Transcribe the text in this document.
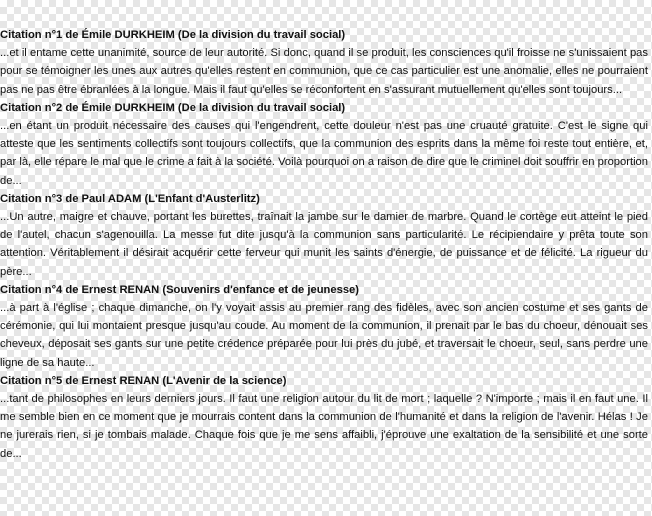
Citation n°1 de Émile DURKHEIM (De la division du travail social)
...et il entame cette unanimité, source de leur autorité. Si donc, quand il se produit, les consciences qu'il froisse ne s'unissaient pas pour se témoigner les unes aux autres qu'elles restent en communion, que ce cas particulier est une anomalie, elles ne pourraient pas ne pas être ébranlées à la longue. Mais il faut qu'elles se réconfortent en s'assurant mutuellement qu'elles sont toujours...
Citation n°2 de Émile DURKHEIM (De la division du travail social)
...en étant un produit nécessaire des causes qui l'engendrent, cette douleur n'est pas une cruauté gratuite. C'est le signe qui atteste que les sentiments collectifs sont toujours collectifs, que la communion des esprits dans la même foi reste tout entière, et, par là, elle répare le mal que le crime a fait à la société. Voilà pourquoi on a raison de dire que le criminel doit souffrir en proportion de...
Citation n°3 de Paul ADAM (L'Enfant d'Austerlitz)
...Un autre, maigre et chauve, portant les burettes, traînait la jambe sur le damier de marbre. Quand le cortège eut atteint le pied de l'autel, chacun s'agenouilla. La messe fut dite jusqu'à la communion sans particularité. Le récipiendaire y prêta toute son attention. Véritablement il désirait acquérir cette ferveur qui munit les saints d'énergie, de puissance et de félicité. La rigueur du père...
Citation n°4 de Ernest RENAN (Souvenirs d'enfance et de jeunesse)
...à part à l'église ; chaque dimanche, on l'y voyait assis au premier rang des fidèles, avec son ancien costume et ses gants de cérémonie, qui lui montaient presque jusqu'au coude. Au moment de la communion, il prenait par le bas du choeur, dénouait ses cheveux, déposait ses gants sur une petite crédence préparée pour lui près du jubé, et traversait le choeur, seul, sans perdre une ligne de sa haute...
Citation n°5 de Ernest RENAN (L'Avenir de la science)
...tant de philosophes en leurs derniers jours. Il faut une religion autour du lit de mort ; laquelle ? N'importe ; mais il en faut une. Il me semble bien en ce moment que je mourrais content dans la communion de l'humanité et dans la religion de l'avenir. Hélas ! Je ne jurerais rien, si je tombais malade. Chaque fois que je me sens affaibli, j'éprouve une exaltation de la sensibilité et une sorte de...
